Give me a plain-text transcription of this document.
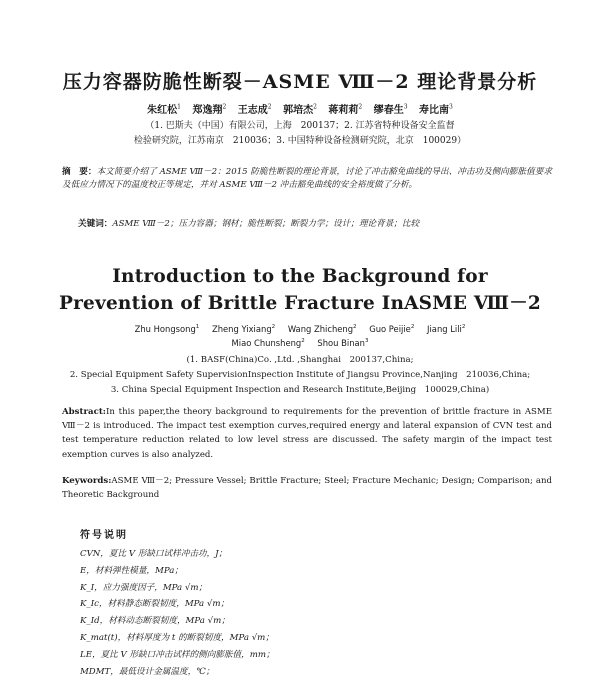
压力容器防脆性断裂－ASME Ⅷ－2 理论背景分析
朱红松$^1$ 郑逸翔$^2$ 王志成$^2$ 郭培杰$^2$ 蒋莉莉$^2$ 缪春生$^3$ 寿比南$^3$
（1. 巴斯夫（中国）有限公司，上海　200137；2. 江苏省特种设备安全监督
检验研究院，江苏南京　210036；3. 中国特种设备检测研究院，北京　100029）
摘　要：本文简要介绍了 ASME Ⅷ－2：2015 防脆性断裂的理论背景，讨论了冲击豁免曲线的导出、冲击功及侧向膨胀值要求及低应力情况下的温度校正等规定，并对 ASME Ⅷ－2 冲击豁免曲线的安全裕度做了分析。
关键词：ASME Ⅷ－2；压力容器；钢材；脆性断裂；断裂力学；设计；理论背景；比较
Introduction to the Background for
Prevention of Brittle Fracture InASME Ⅷ－2
Zhu Hongsong$^1$ Zheng Yixiang$^2$ Wang Zhicheng$^2$ Guo Peijie$^2$ Jiang Lili$^2$
Miao Chunsheng$^2$ Shou Binan$^3$
(1. BASF(China)Co. ,Ltd. ,Shanghai　200137,China;
2. Special Equipment Safety SupervisionInspection Institute of Jiangsu Province,Nanjing　210036,China;
3. China Special Equipment Inspection and Research Institute,Beijing　100029,China)
Abstract:In this paper,the theory background to requirements for the prevention of brittle fracture in ASME Ⅷ－2 is introduced. The impact test exemption curves,required energy and lateral expansion of CVN test and test temperature reduction related to low level stress are discussed. The safety margin of the impact test exemption curves is also analyzed.
Keywords:ASME Ⅷ－2; Pressure Vessel; Brittle Fracture; Steel; Fracture Mechanic; Design; Comparison; and Theoretic Background
符号说明
CVN，夏比 V 形缺口试样冲击功，J；
E，材料弹性模量，MPa；
K_I，应力强度因子，MPa √m；
K_Ic，材料静态断裂韧度，MPa √m；
K_Id，材料动态断裂韧度，MPa √m；
K_mat(t)，材料厚度为 t 的断裂韧度，MPa √m；
LE，夏比 V 形缺口冲击试样的侧向膨胀值，mm；
MDMT，最低设计金属温度，℃；
